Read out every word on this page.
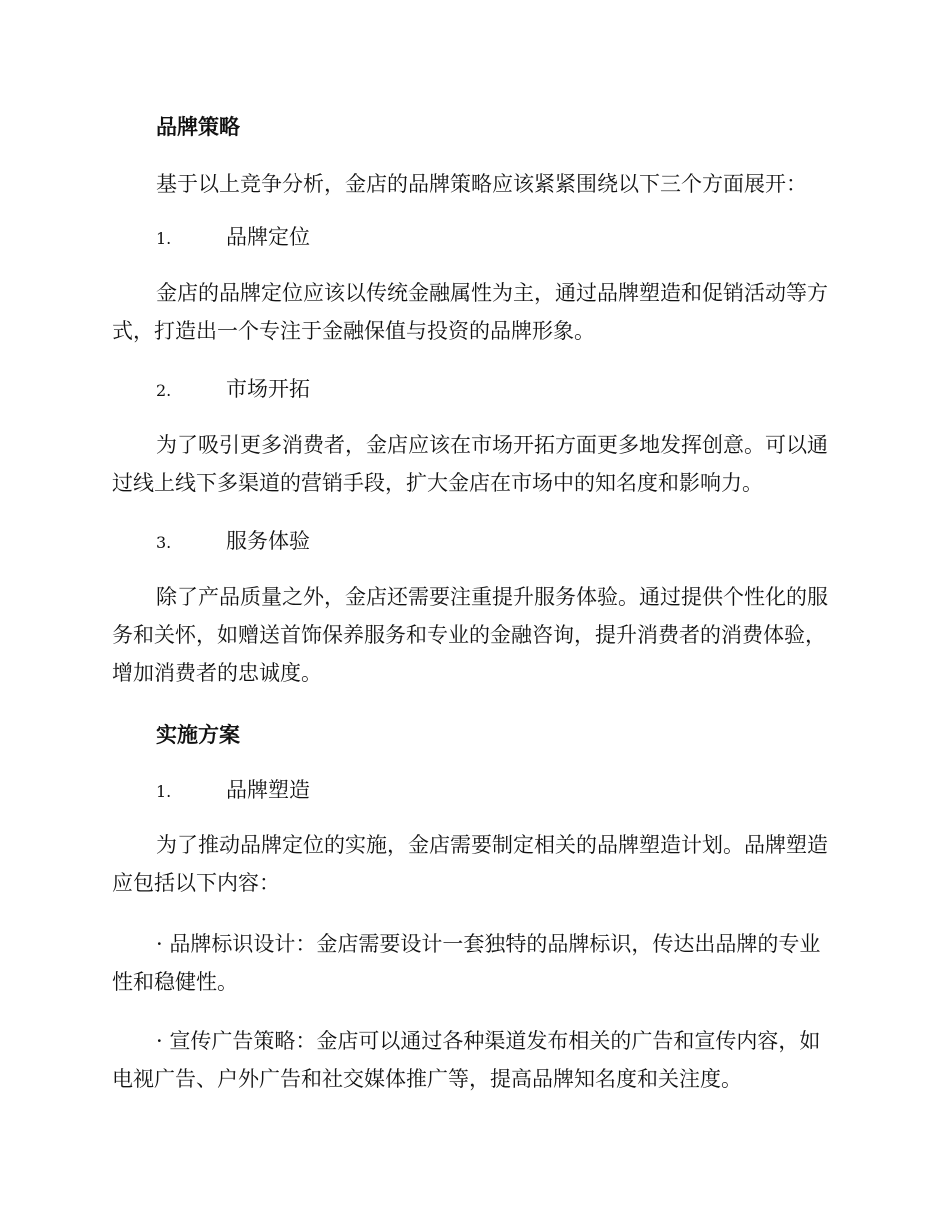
品牌策略

基于以上竞争分析，金店的品牌策略应该紧紧围绕以下三个方面展开：

1.	品牌定位

金店的品牌定位应该以传统金融属性为主，通过品牌塑造和促销活动等方式，打造出一个专注于金融保值与投资的品牌形象。

2.	市场开拓

为了吸引更多消费者，金店应该在市场开拓方面更多地发挥创意。可以通过线上线下多渠道的营销手段，扩大金店在市场中的知名度和影响力。

3.	服务体验

除了产品质量之外，金店还需要注重提升服务体验。通过提供个性化的服务和关怀，如赠送首饰保养服务和专业的金融咨询，提升消费者的消费体验，增加消费者的忠诚度。

实施方案
1.	品牌塑造

为了推动品牌定位的实施，金店需要制定相关的品牌塑造计划。品牌塑造应包括以下内容：

· 品牌标识设计：金店需要设计一套独特的品牌标识，传达出品牌的专业性和稳健性。

· 宣传广告策略：金店可以通过各种渠道发布相关的广告和宣传内容，如电视广告、户外广告和社交媒体推广等，提高品牌知名度和关注度。
